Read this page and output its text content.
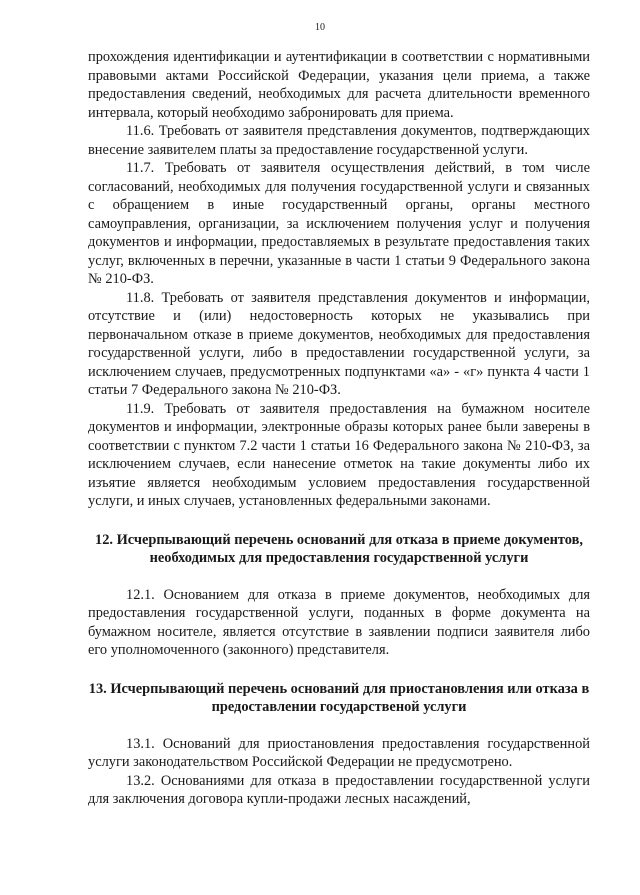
10

прохождения идентификации и аутентификации в соответствии с нормативными правовыми актами Российской Федерации, указания цели приема, а также предоставления сведений, необходимых для расчета длительности временного интервала, который необходимо забронировать для приема.

11.6. Требовать от заявителя представления документов, подтверждающих внесение заявителем платы за предоставление государственной услуги.

11.7. Требовать от заявителя осуществления действий, в том числе согласований, необходимых для получения государственной услуги и связанных с обращением в иные государственный органы, органы местного самоуправления, организации, за исключением получения услуг и получения документов и информации, предоставляемых в результате предоставления таких услуг, включенных в перечни, указанные в части 1 статьи 9 Федерального закона № 210-ФЗ.

11.8. Требовать от заявителя представления документов и информации, отсутствие и (или) недостоверность которых не указывались при первоначальном отказе в приеме документов, необходимых для предоставления государственной услуги, либо в предоставлении государственной услуги, за исключением случаев, предусмотренных подпунктами «а» - «г» пункта 4 части 1 статьи 7 Федерального закона № 210-ФЗ.

11.9. Требовать от заявителя предоставления на бумажном носителе документов и информации, электронные образы которых ранее были заверены в соответствии с пунктом 7.2 части 1 статьи 16 Федерального закона № 210-ФЗ, за исключением случаев, если нанесение отметок на такие документы либо их изъятие является необходимым условием предоставления государственной услуги, и иных случаев, установленных федеральными законами.

12. Исчерпывающий перечень оснований для отказа в приеме документов, необходимых для предоставления государственной услуги

12.1. Основанием для отказа в приеме документов, необходимых для предоставления государственной услуги, поданных в форме документа на бумажном носителе, является отсутствие в заявлении подписи заявителя либо его уполномоченного (законного) представителя.

13. Исчерпывающий перечень оснований для приостановления или отказа в предоставлении государственой услуги

13.1. Оснований для приостановления предоставления государственной услуги законодательством Российской Федерации не предусмотрено.

13.2. Основаниями для отказа в предоставлении государственной услуги для заключения договора купли-продажи лесных насаждений,
